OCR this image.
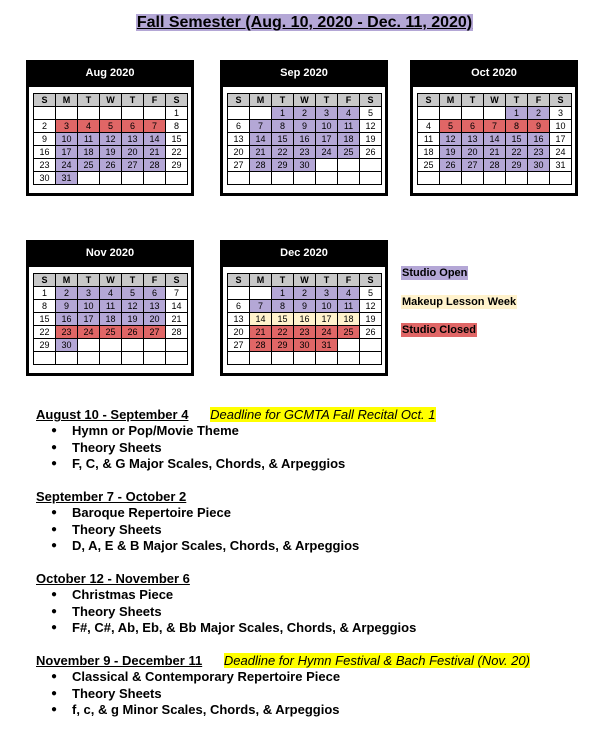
Fall Semester (Aug. 10, 2020 - Dec. 11, 2020)
Aug 2020
S	M	T	W	T	F	S
						1
2	3	4	5	6	7	8
9	10	11	12	13	14	15
16	17	18	19	20	21	22
23	24	25	26	27	28	29
30	31					
Sep 2020
S	M	T	W	T	F	S
		1	2	3	4	5
6	7	8	9	10	11	12
13	14	15	16	17	18	19
20	21	22	23	24	25	26
27	28	29	30			

Oct 2020
S	M	T	W	T	F	S
				1	2	3
4	5	6	7	8	9	10
11	12	13	14	15	16	17
18	19	20	21	22	23	24
25	26	27	28	29	30	31

Nov 2020
S	M	T	W	T	F	S
1	2	3	4	5	6	7
8	9	10	11	12	13	14
15	16	17	18	19	20	21
22	23	24	25	26	27	28
29	30					

Dec 2020
S	M	T	W	T	F	S
		1	2	3	4	5
6	7	8	9	10	11	12
13	14	15	16	17	18	19
20	21	22	23	24	25	26
27	28	29	30	31		

Studio Open
Makeup Lesson Week
Studio Closed
August 10 - September 4 Deadline for GCMTA Fall Recital Oct. 1
● Hymn or Pop/Movie Theme
● Theory Sheets
● F, C, & G Major Scales, Chords, & Arpeggios
September 7 - October 2
● Baroque Repertoire Piece
● Theory Sheets
● D, A, E & B Major Scales, Chords, & Arpeggios
October 12 - November 6
● Christmas Piece
● Theory Sheets
● F#, C#, Ab, Eb, & Bb Major Scales, Chords, & Arpeggios
November 9 - December 11 Deadline for Hymn Festival & Bach Festival (Nov. 20)
● Classical & Contemporary Repertoire Piece
● Theory Sheets
● f, c, & g Minor Scales, Chords, & Arpeggios
